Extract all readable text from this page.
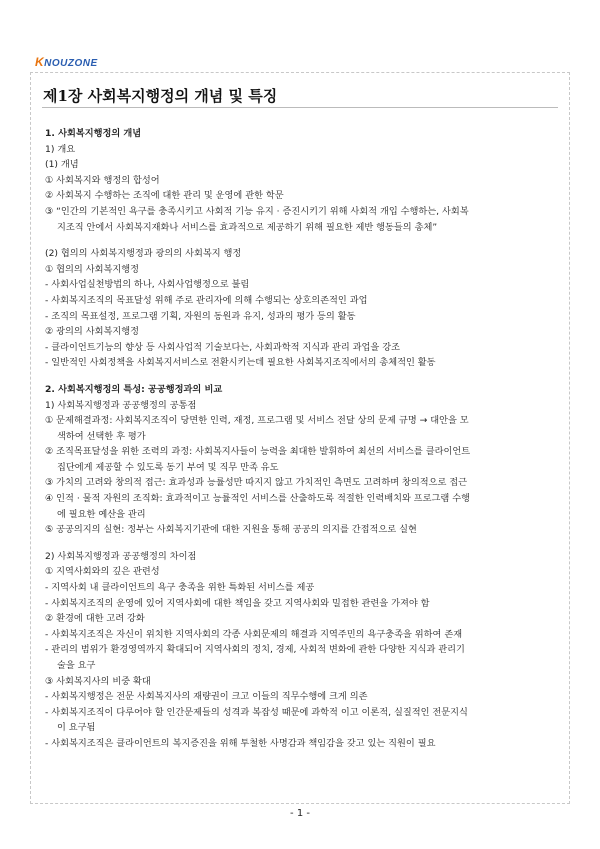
KNOUZONE
제1장 사회복지행정의 개념 및 특징
1. 사회복지행정의 개념
1) 개요
(1) 개념
① 사회복지와 행정의 합성어
② 사회복지 수행하는 조직에 대한 관리 및 운영에 관한 학문
③ “인간의 기본적인 욕구를 충족시키고 사회적 기능 유지 · 증진시키기 위해 사회적 개입 수행하는, 사회복
지조직 안에서 사회복지재화나 서비스를 효과적으로 제공하기 위해 필요한 제반 행동들의 총체”
(2) 협의의 사회복지행정과 광의의 사회복지 행정
① 협의의 사회복지행정
- 사회사업실천방법의 하나, 사회사업행정으로 불림
- 사회복지조직의 목표달성 위해 주로 관리자에 의해 수행되는 상호의존적인 과업
- 조직의 목표설정, 프로그램 기획, 자원의 동원과 유지, 성과의 평가 등의 활동
② 광의의 사회복지행정
- 클라이언트기능의 향상 등 사회사업적 기술보다는, 사회과학적 지식과 관리 과업을 강조
- 일반적인 사회정책을 사회복지서비스로 전환시키는데 필요한 사회복지조직에서의 총체적인 활동
2. 사회복지행정의 특성: 공공행정과의 비교
1) 사회복지행정과 공공행정의 공통점
① 문제해결과정: 사회복지조직이 당면한 인력, 재정, 프로그램 및 서비스 전달 상의 문제 규명 → 대안을 모
색하여 선택한 후 평가
② 조직목표달성을 위한 조력의 과정: 사회복지사들이 능력을 최대한 발휘하여 최선의 서비스를 클라이언트
집단에게 제공할 수 있도록 동기 부여 및 직무 만족 유도
③ 가치의 고려와 창의적 접근: 효과성과 능률성만 따지지 않고 가치적인 측면도 고려하며 창의적으로 접근
④ 인적 · 물적 자원의 조직화: 효과적이고 능률적인 서비스를 산출하도록 적절한 인력배치와 프로그램 수행
에 필요한 예산을 관리
⑤ 공공의지의 실현: 정부는 사회복지기관에 대한 지원을 통해 공공의 의지를 간접적으로 실현
2) 사회복지행정과 공공행정의 차이점
① 지역사회와의 깊은 관련성
- 지역사회 내 클라이언트의 욕구 충족을 위한 특화된 서비스를 제공
- 사회복지조직의 운영에 있어 지역사회에 대한 책임을 갖고 지역사회와 밀접한 관련을 가져야 함
② 환경에 대한 고려 강화
- 사회복지조직은 자신이 위치한 지역사회의 각종 사회문제의 해결과 지역주민의 욕구충족을 위하여 존재
- 관리의 범위가 환경영역까지 확대되어 지역사회의 정치, 경제, 사회적 변화에 관한 다양한 지식과 관리기
술을 요구
③ 사회복지사의 비중 확대
- 사회복지행정은 전문 사회복지사의 재량권이 크고 이들의 직무수행에 크게 의존
- 사회복지조직이 다루어야 할 인간문제들의 성격과 복잡성 때문에 과학적 이고 이론적, 실질적인 전문지식
이 요구됨
- 사회복지조직은 클라이언트의 복지증진을 위해 투철한 사명감과 책임감을 갖고 있는 직원이 필요
- 1 -
